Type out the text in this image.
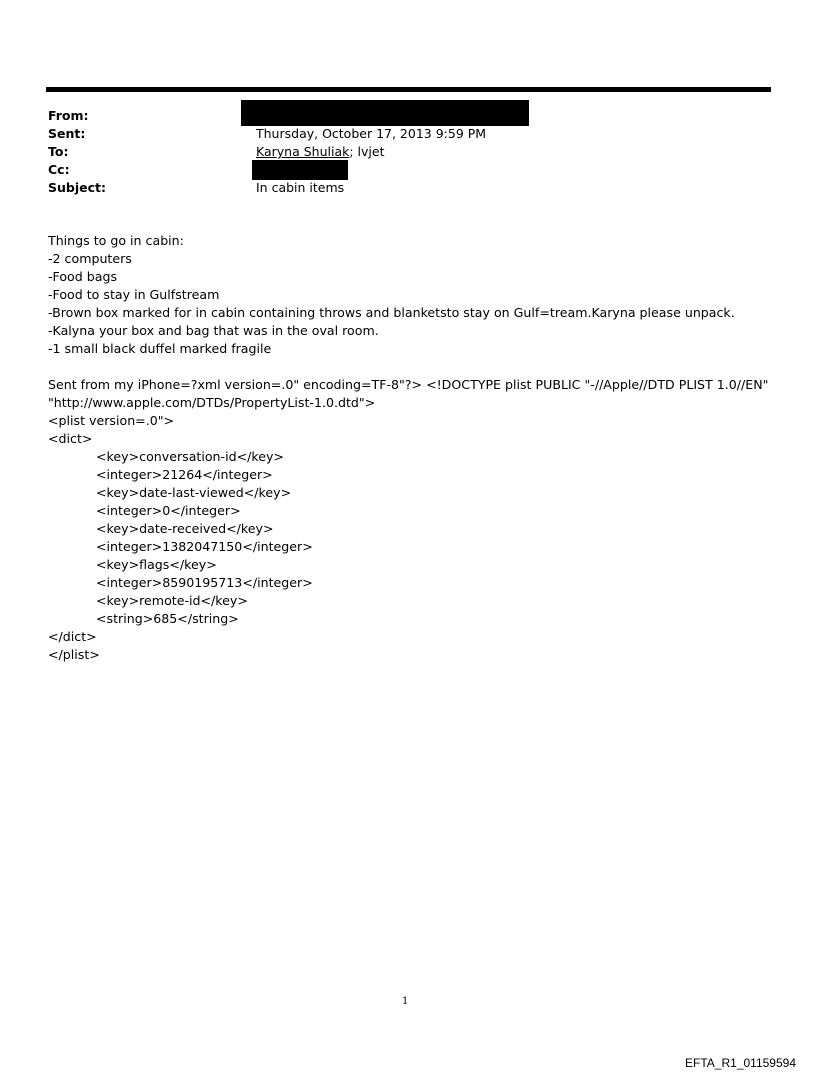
From:
Sent:	Thursday, October 17, 2013 9:59 PM
To:	Karyna Shuliak; lvjet
Cc:
Subject:	In cabin items
Things to go in cabin:
-2 computers
-Food bags
-Food to stay in Gulfstream
-Brown box marked for in cabin containing throws and blanketsto stay on Gulf=tream.Karyna please unpack.
-Kalyna your box and bag that was in the oval room.
-1 small black duffel marked fragile

Sent from my iPhone=?xml version=.0" encoding=TF-8"?> <!DOCTYPE plist PUBLIC "-//Apple//DTD PLIST 1.0//EN"
"http://www.apple.com/DTDs/PropertyList-1.0.dtd">
<plist version=.0">
<dict>
<key>conversation-id</key>
<integer>21264</integer>
<key>date-last-viewed</key>
<integer>0</integer>
<key>date-received</key>
<integer>1382047150</integer>
<key>flags</key>
<integer>8590195713</integer>
<key>remote-id</key>
<string>685</string>
</dict>
</plist>
1
EFTA_R1_01159594
